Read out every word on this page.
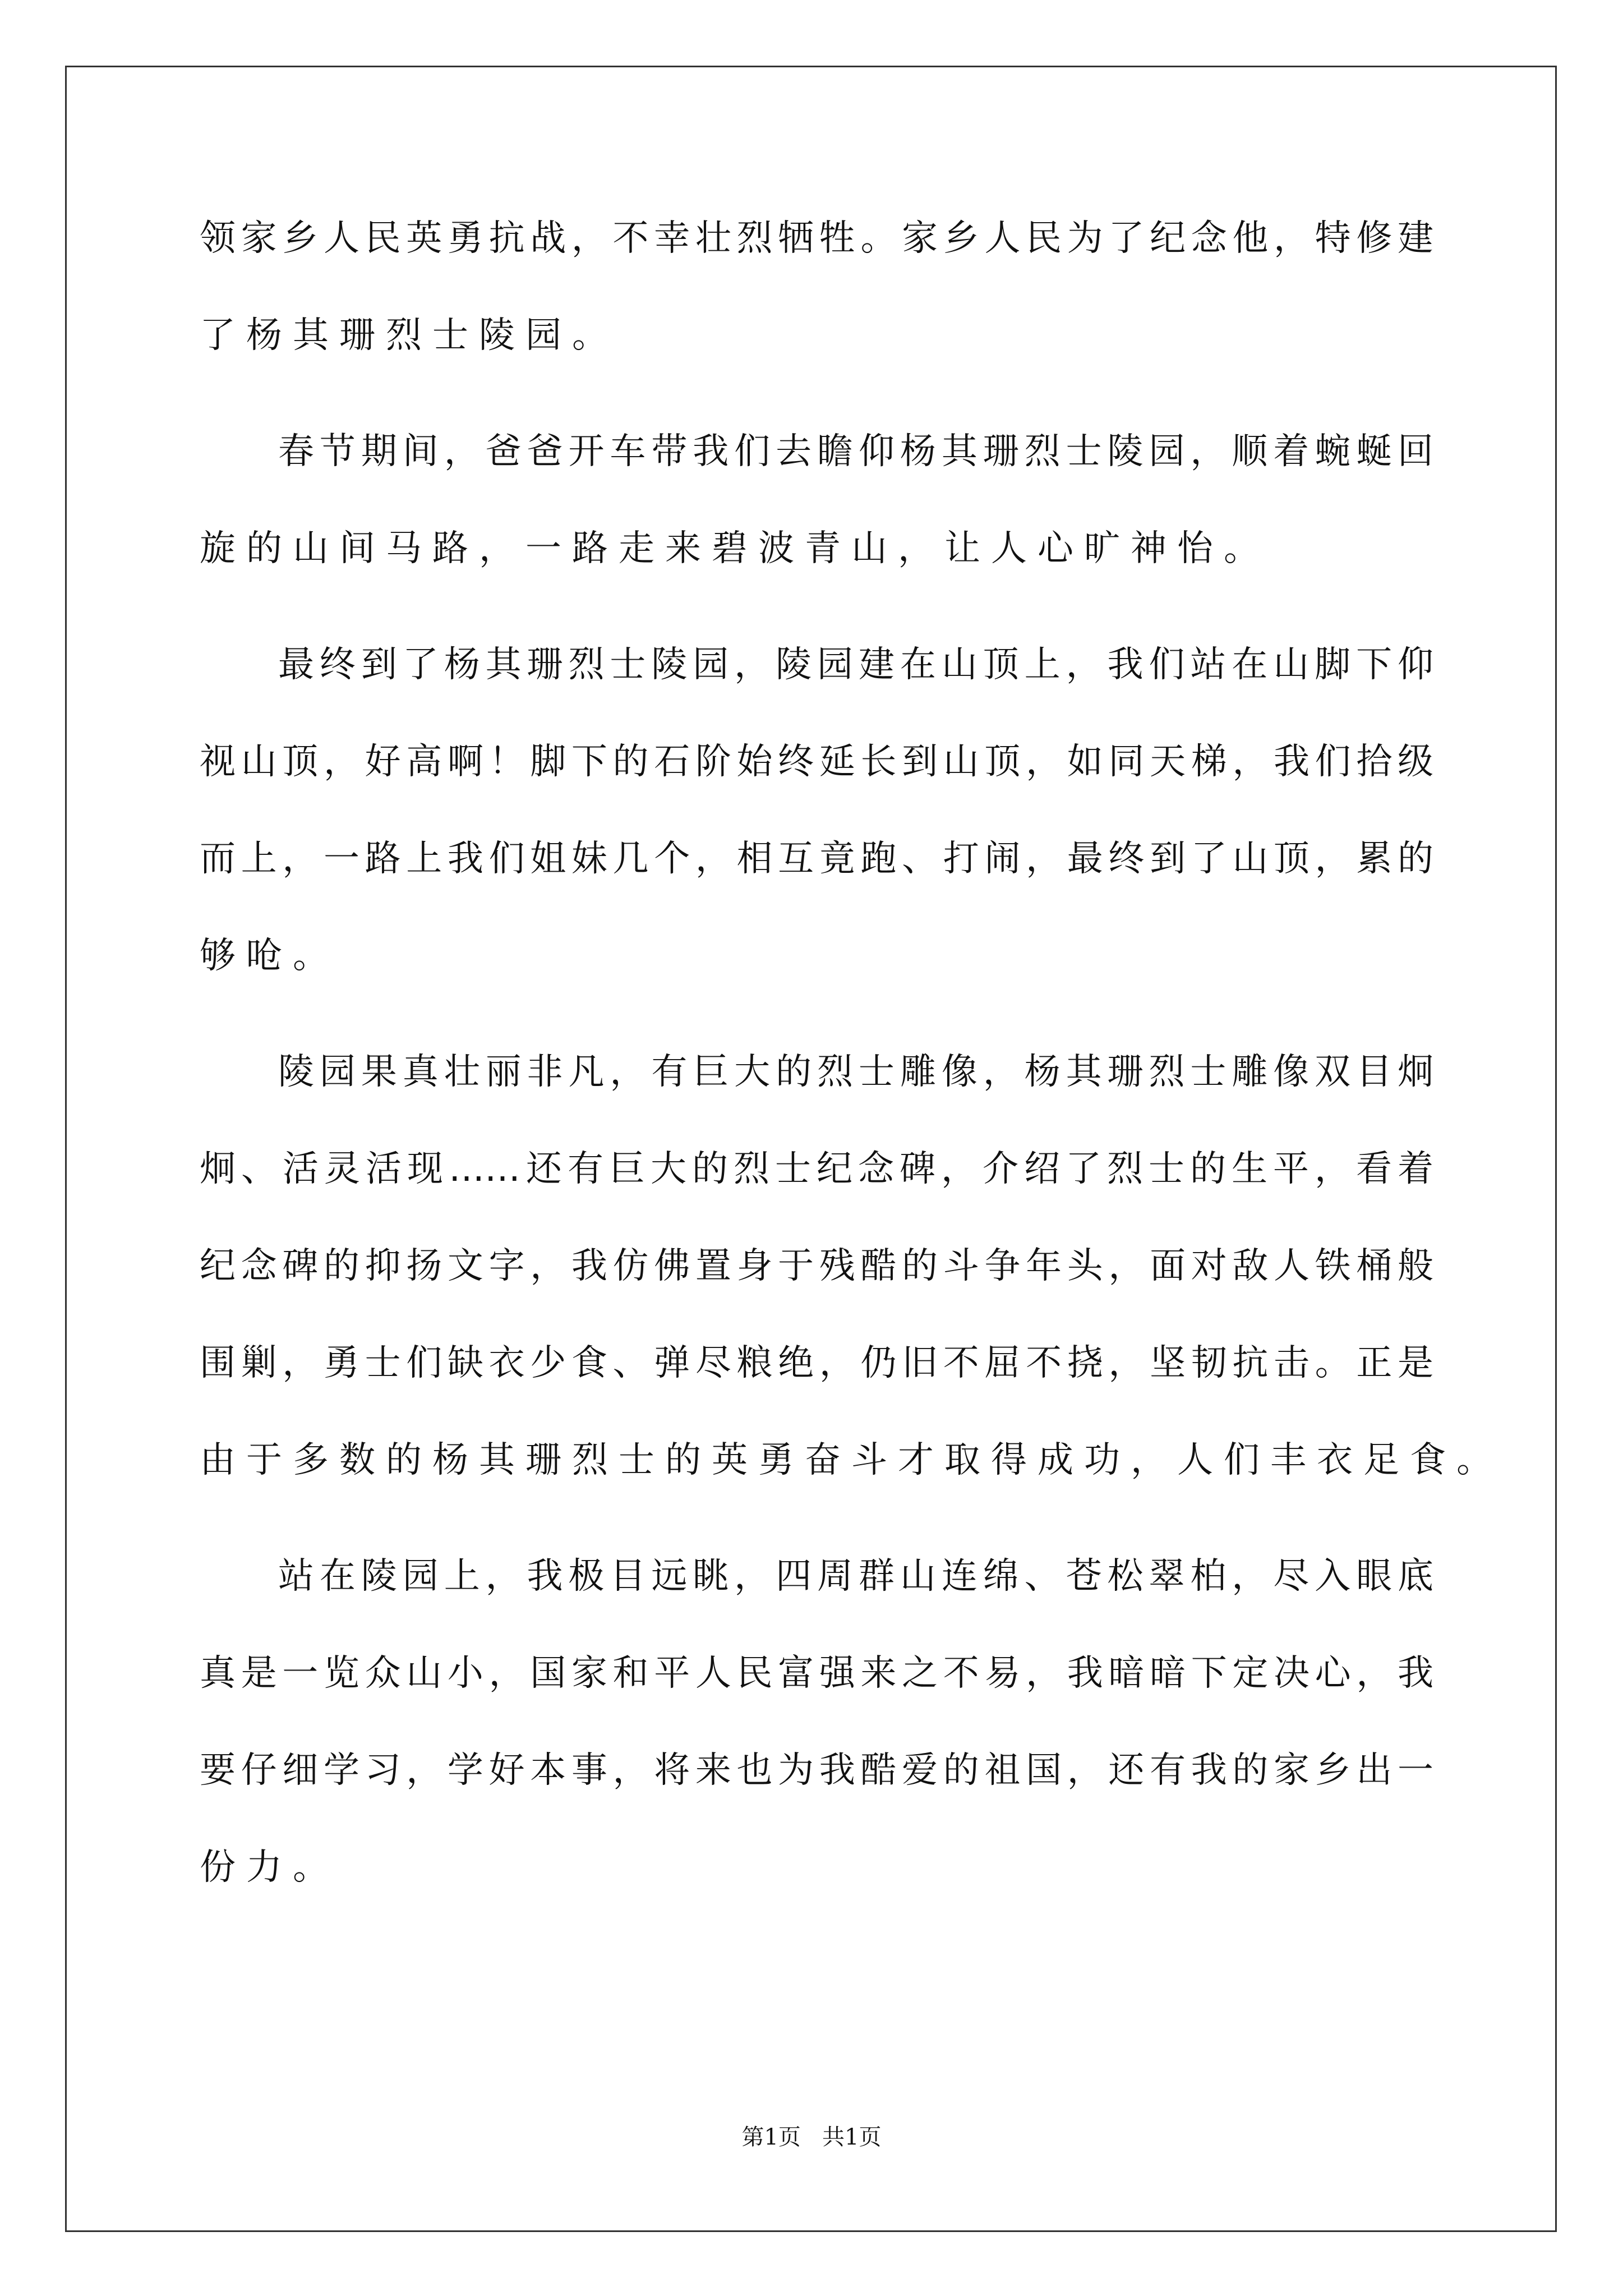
领家乡人民英勇抗战，不幸壮烈牺牲。家乡人民为了纪念他，特修建
了杨其珊烈士陵园。
春节期间，爸爸开车带我们去瞻仰杨其珊烈士陵园，顺着蜿蜒回
旋的山间马路，一路走来碧波青山，让人心旷神怡。
最终到了杨其珊烈士陵园，陵园建在山顶上，我们站在山脚下仰
视山顶，好高啊！脚下的石阶始终延长到山顶，如同天梯，我们拾级
而上，一路上我们姐妹几个，相互竟跑、打闹，最终到了山顶，累的
够呛。
陵园果真壮丽非凡，有巨大的烈士雕像，杨其珊烈士雕像双目炯
炯、活灵活现……还有巨大的烈士纪念碑，介绍了烈士的生平，看着
纪念碑的抑扬文字，我仿佛置身于残酷的斗争年头，面对敌人铁桶般
围剿，勇士们缺衣少食、弹尽粮绝，仍旧不屈不挠，坚韧抗击。正是
由于多数的杨其珊烈士的英勇奋斗才取得成功，人们丰衣足食。
站在陵园上，我极目远眺，四周群山连绵、苍松翠柏，尽入眼底
真是一览众山小，国家和平人民富强来之不易，我暗暗下定决心，我
要仔细学习，学好本事，将来也为我酷爱的祖国，还有我的家乡出一
份力。
第1页   共1页
